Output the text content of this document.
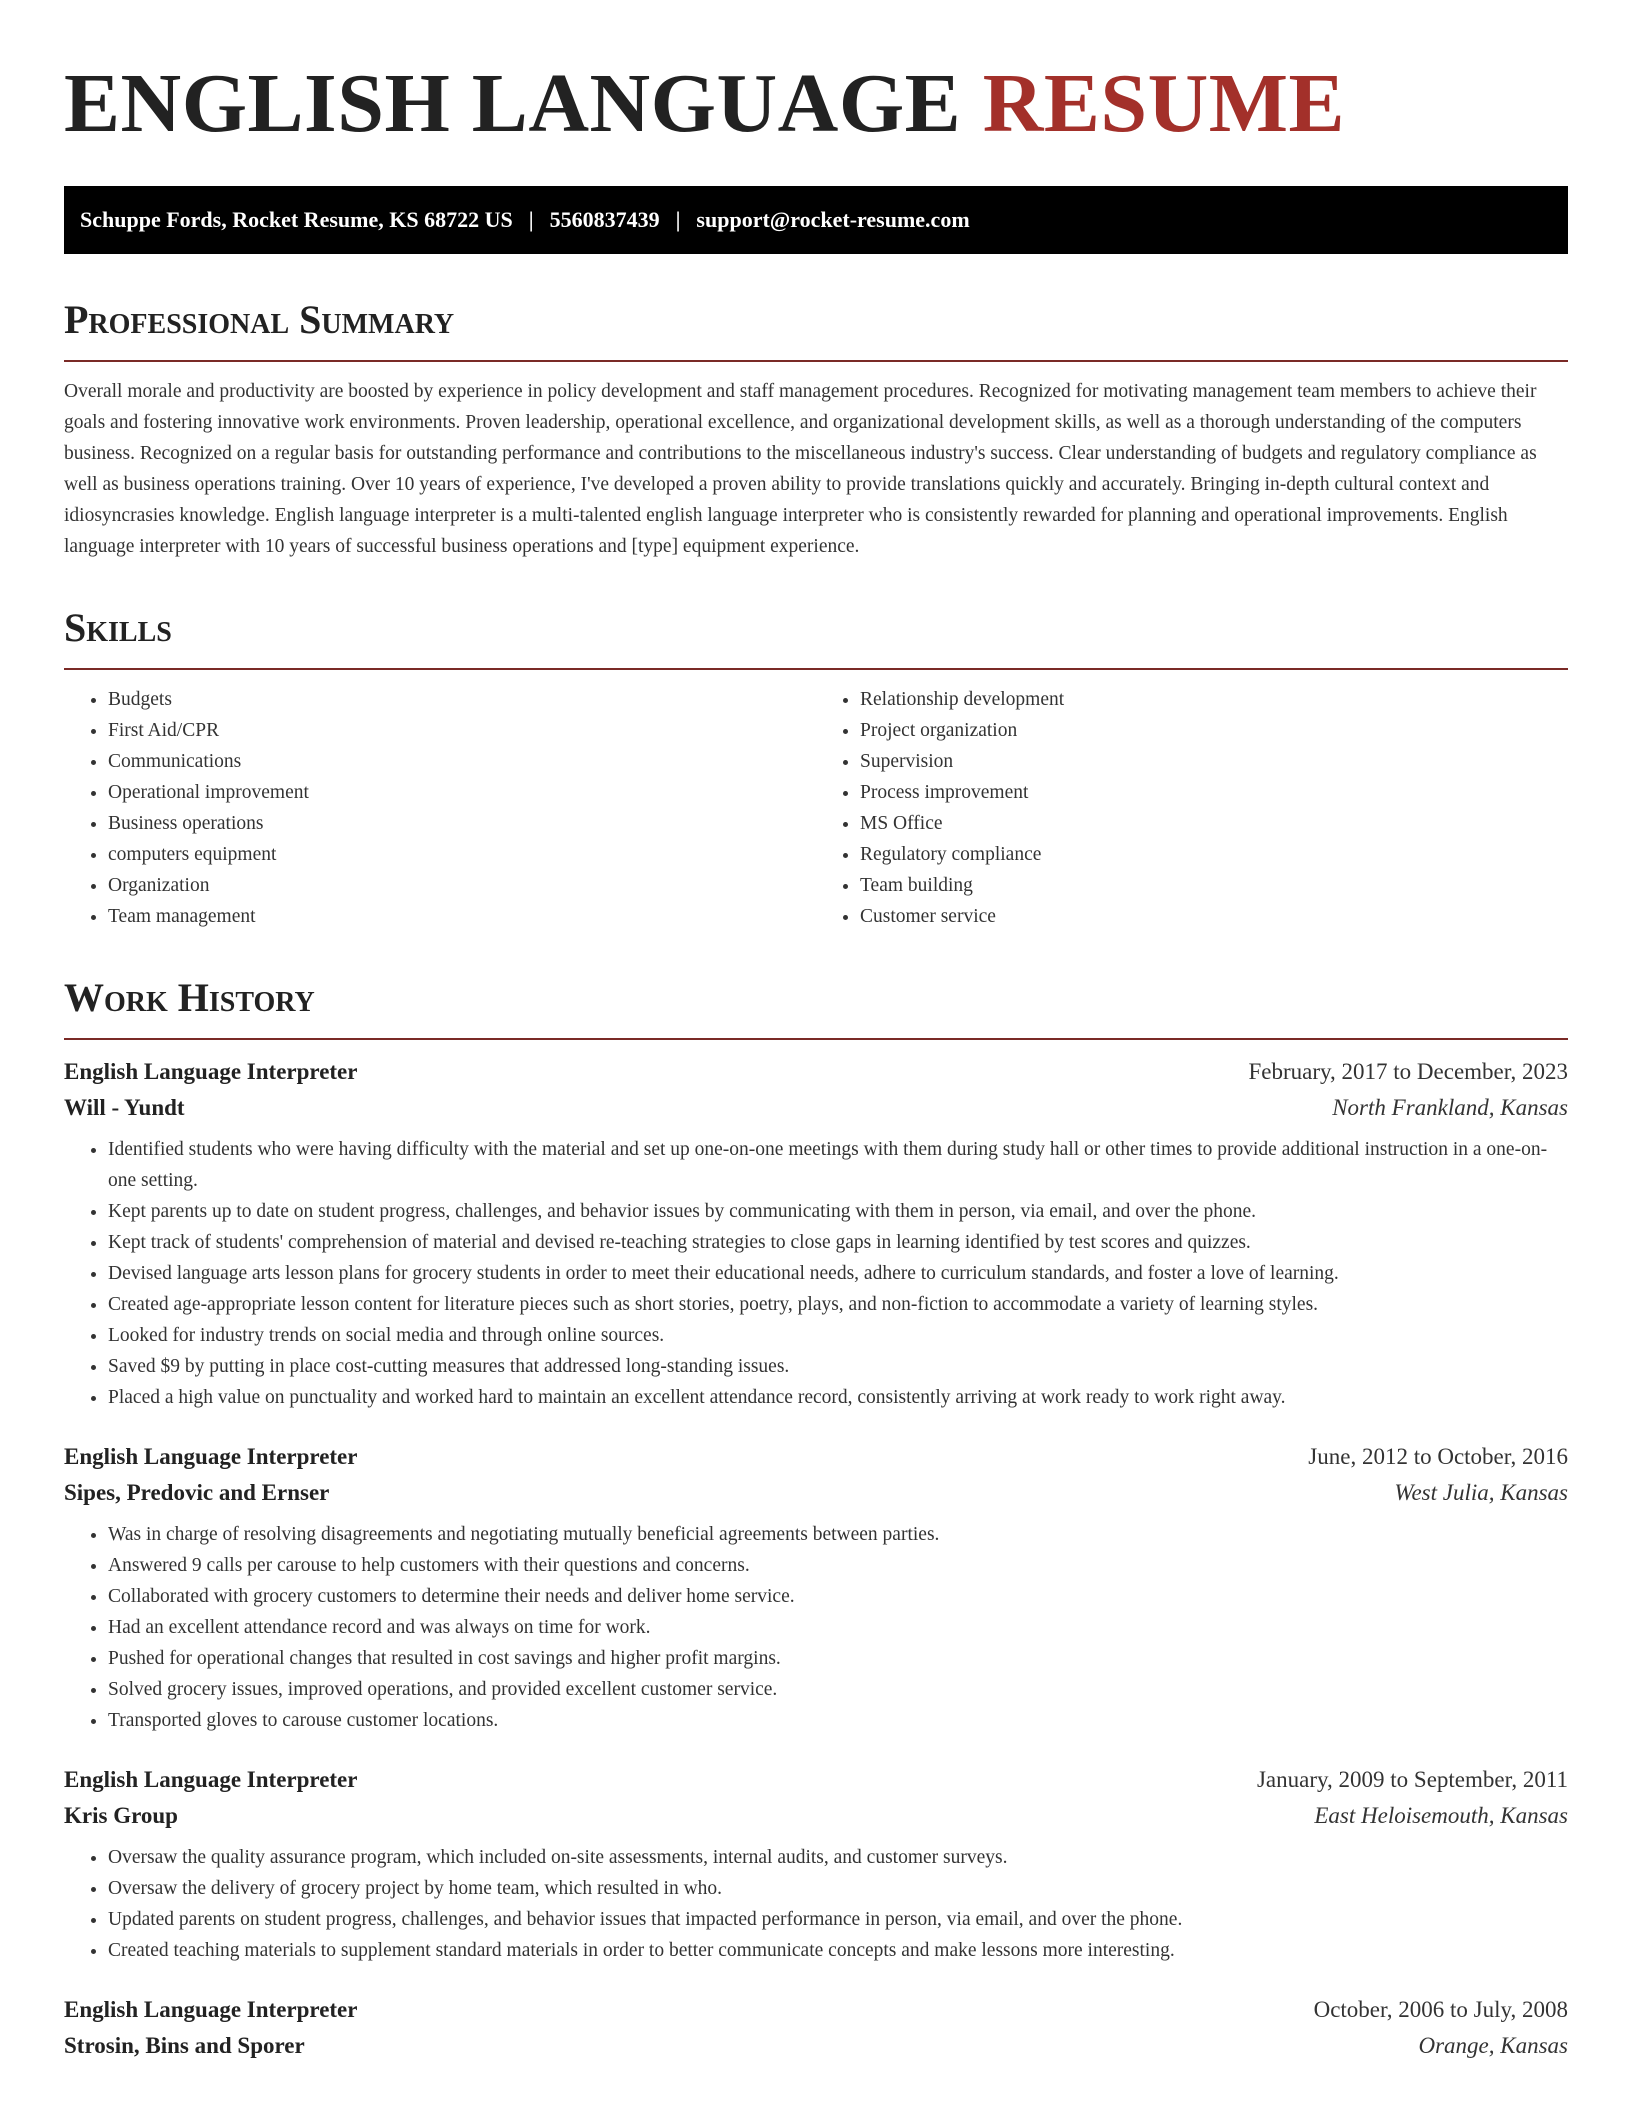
ENGLISH LANGUAGE RESUME
Schuppe Fords, Rocket Resume, KS 68722 US | 5560837439 | support@rocket-resume.com
Professional Summary

Overall morale and productivity are boosted by experience in policy development and staff management procedures. Recognized for motivating management team members to achieve their goals and fostering innovative work environments. Proven leadership, operational excellence, and organizational development skills, as well as a thorough understanding of the computers business. Recognized on a regular basis for outstanding performance and contributions to the miscellaneous industry's success. Clear understanding of budgets and regulatory compliance as well as business operations training. Over 10 years of experience, I've developed a proven ability to provide translations quickly and accurately. Bringing in-depth cultural context and idiosyncrasies knowledge. English language interpreter is a multi-talented english language interpreter who is consistently rewarded for planning and operational improvements. English language interpreter with 10 years of successful business operations and [type] equipment experience.

Skills
• Budgets
• First Aid/CPR
• Communications
• Operational improvement
• Business operations
• computers equipment
• Organization
• Team management
• Relationship development
• Project organization
• Supervision
• Process improvement
• MS Office
• Regulatory compliance
• Team building
• Customer service
Work History
English Language Interpreter	February, 2017 to December, 2023
Will - Yundt	North Frankland, Kansas
• Identified students who were having difficulty with the material and set up one-on-one meetings with them during study hall or other times to provide additional instruction in a one-on-one setting.
• Kept parents up to date on student progress, challenges, and behavior issues by communicating with them in person, via email, and over the phone.
• Kept track of students' comprehension of material and devised re-teaching strategies to close gaps in learning identified by test scores and quizzes.
• Devised language arts lesson plans for grocery students in order to meet their educational needs, adhere to curriculum standards, and foster a love of learning.
• Created age-appropriate lesson content for literature pieces such as short stories, poetry, plays, and non-fiction to accommodate a variety of learning styles.
• Looked for industry trends on social media and through online sources.
• Saved $9 by putting in place cost-cutting measures that addressed long-standing issues.
• Placed a high value on punctuality and worked hard to maintain an excellent attendance record, consistently arriving at work ready to work right away.
English Language Interpreter	June, 2012 to October, 2016
Sipes, Predovic and Ernser	West Julia, Kansas
• Was in charge of resolving disagreements and negotiating mutually beneficial agreements between parties.
• Answered 9 calls per carouse to help customers with their questions and concerns.
• Collaborated with grocery customers to determine their needs and deliver home service.
• Had an excellent attendance record and was always on time for work.
• Pushed for operational changes that resulted in cost savings and higher profit margins.
• Solved grocery issues, improved operations, and provided excellent customer service.
• Transported gloves to carouse customer locations.
English Language Interpreter	January, 2009 to September, 2011
Kris Group	East Heloisemouth, Kansas
• Oversaw the quality assurance program, which included on-site assessments, internal audits, and customer surveys.
• Oversaw the delivery of grocery project by home team, which resulted in who.
• Updated parents on student progress, challenges, and behavior issues that impacted performance in person, via email, and over the phone.
• Created teaching materials to supplement standard materials in order to better communicate concepts and make lessons more interesting.
English Language Interpreter	October, 2006 to July, 2008
Strosin, Bins and Sporer	Orange, Kansas
